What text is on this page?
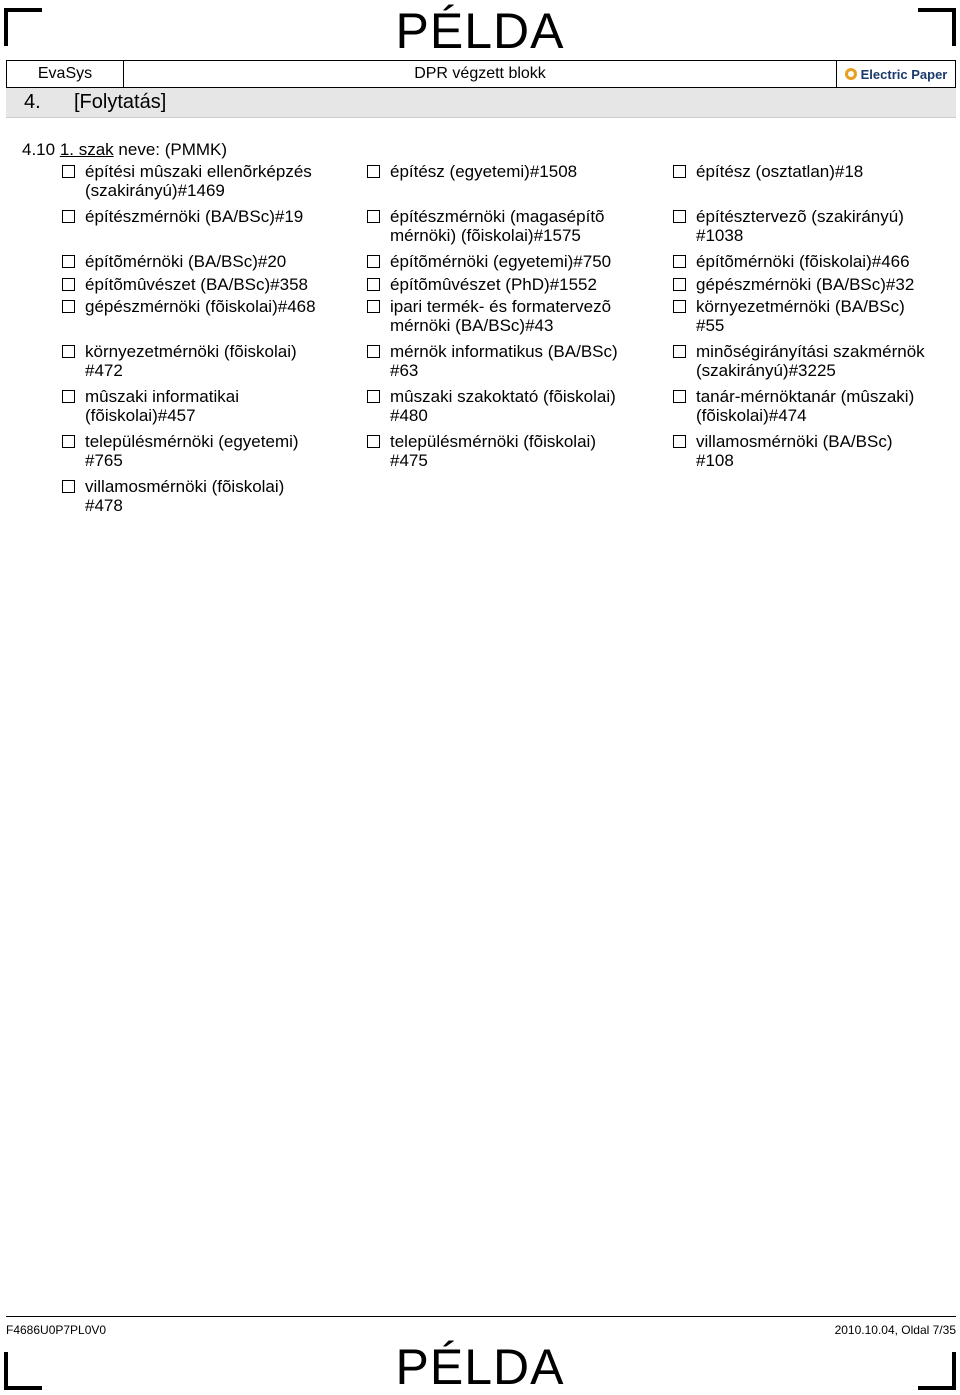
PÉLDA
EvaSys	DPR végzett blokk	Electric Paper
4. [Folytatás]
4.10 1. szak neve: (PMMK)
építési mûszaki ellenõrképzés
(szakirányú)#1469
építészmérnöki (BA/BSc)#19
építõmérnöki (BA/BSc)#20
építõmûvészet (BA/BSc)#358
gépészmérnöki (fõiskolai)#468
környezetmérnöki (fõiskolai)
#472
mûszaki informatikai
(fõiskolai)#457
településmérnöki (egyetemi)
#765
villamosmérnöki (fõiskolai)
#478
építész (egyetemi)#1508
építészmérnöki (magasépítõ
mérnöki) (fõiskolai)#1575
építõmérnöki (egyetemi)#750
építõmûvészet (PhD)#1552
ipari termék- és formatervezõ
mérnöki (BA/BSc)#43
mérnök informatikus (BA/BSc)
#63
mûszaki szakoktató (fõiskolai)
#480
településmérnöki (fõiskolai)
#475
építész (osztatlan)#18
építésztervezõ (szakirányú)
#1038
építõmérnöki (fõiskolai)#466
gépészmérnöki (BA/BSc)#32
környezetmérnöki (BA/BSc)
#55
minõségirányítási szakmérnök
(szakirányú)#3225
tanár-mérnöktanár (mûszaki)
(fõiskolai)#474
villamosmérnöki (BA/BSc)
#108
F4686U0P7PL0V0	2010.10.04, Oldal 7/35
PÉLDA
